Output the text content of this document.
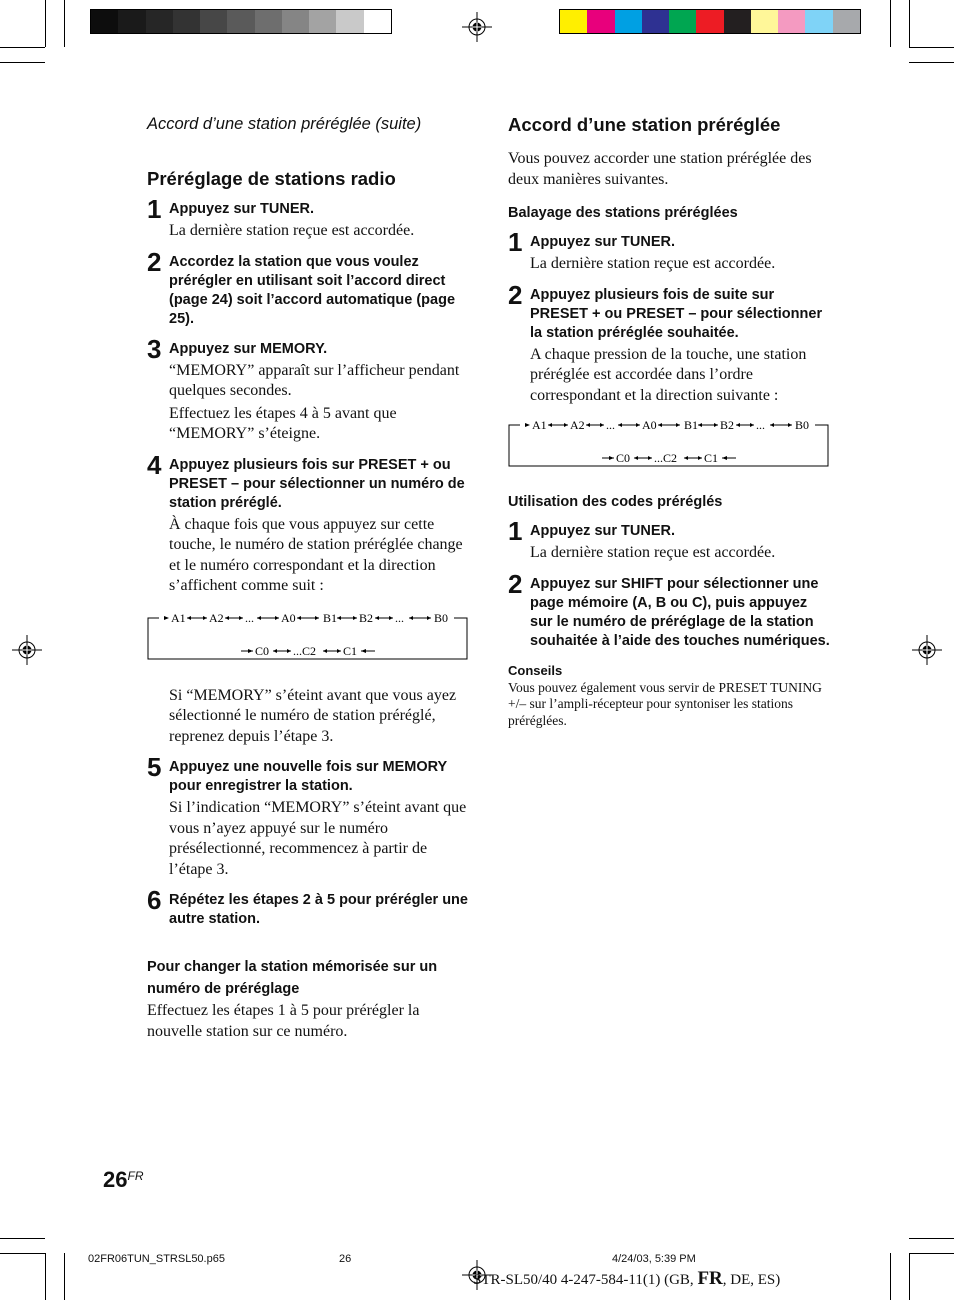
Accord d’une station préréglée (suite)

Préréglage de stations radio
1 Appuyez sur TUNER.

La dernière station reçue est accordée.

2 Accordez la station que vous voulez prérégler en utilisant soit l’accord direct (page 24) soit l’accord automatique (page 25).

3 Appuyez sur MEMORY.

“MEMORY” apparaît sur l’afficheur pendant quelques secondes.

Effectuez les étapes 4 à 5 avant que “MEMORY” s’éteigne.

4 Appuyez plusieurs fois sur PRESET + ou PRESET – pour sélectionner un numéro de station préréglé.

À chaque fois que vous appuyez sur cette touche, le numéro de station préréglée change et le numéro correspondant et la direction s’affichent comme suit :

A1 A2 ... A0 B1 B2 ...	B0
C0 ...C2 C1

Si “MEMORY” s’éteint avant que vous ayez sélectionné le numéro de station préréglé, reprenez depuis l’étape 3.

5 Appuyez une nouvelle fois sur MEMORY pour enregistrer la station.

Si l’indication “MEMORY” s’éteint avant que vous n’ayez appuyé sur le numéro présélectionné, recommencez à partir de l’étape 3.

6 Répétez les étapes 2 à 5 pour prérégler une autre station.

Pour changer la station mémorisée sur un numéro de préréglage

Effectuez les étapes 1 à 5 pour prérégler la nouvelle station sur ce numéro.

Accord d’une station préréglée

Vous pouvez accorder une station préréglée des deux manières suivantes.

Balayage des stations préréglées
1 Appuyez sur TUNER.

La dernière station reçue est accordée.

2 Appuyez plusieurs fois de suite sur PRESET + ou PRESET – pour sélectionner la station préréglée souhaitée.

A chaque pression de la touche, une station préréglée est accordée dans l’ordre correspondant et la direction suivante :

A1 A2 ... A0 B1 B2 ...	B0
C0 ...C2 C1
Utilisation des codes préréglés
1 Appuyez sur TUNER.

La dernière station reçue est accordée.

2 Appuyez sur SHIFT pour sélectionner une page mémoire (A, B ou C), puis appuyez sur le numéro de préréglage de la station souhaitée à l’aide des touches numériques.

Conseils

Vous pouvez également vous servir de PRESET TUNING +/– sur l’ampli-récepteur pour syntoniser les stations préréglées.

$26^{FR}$
02FR06TUN_STRSL50.p65	26	4/24/03, 5:39 PM
STR-SL50/40 4-247-584-11(1) (GB, FR, DE, ES)
